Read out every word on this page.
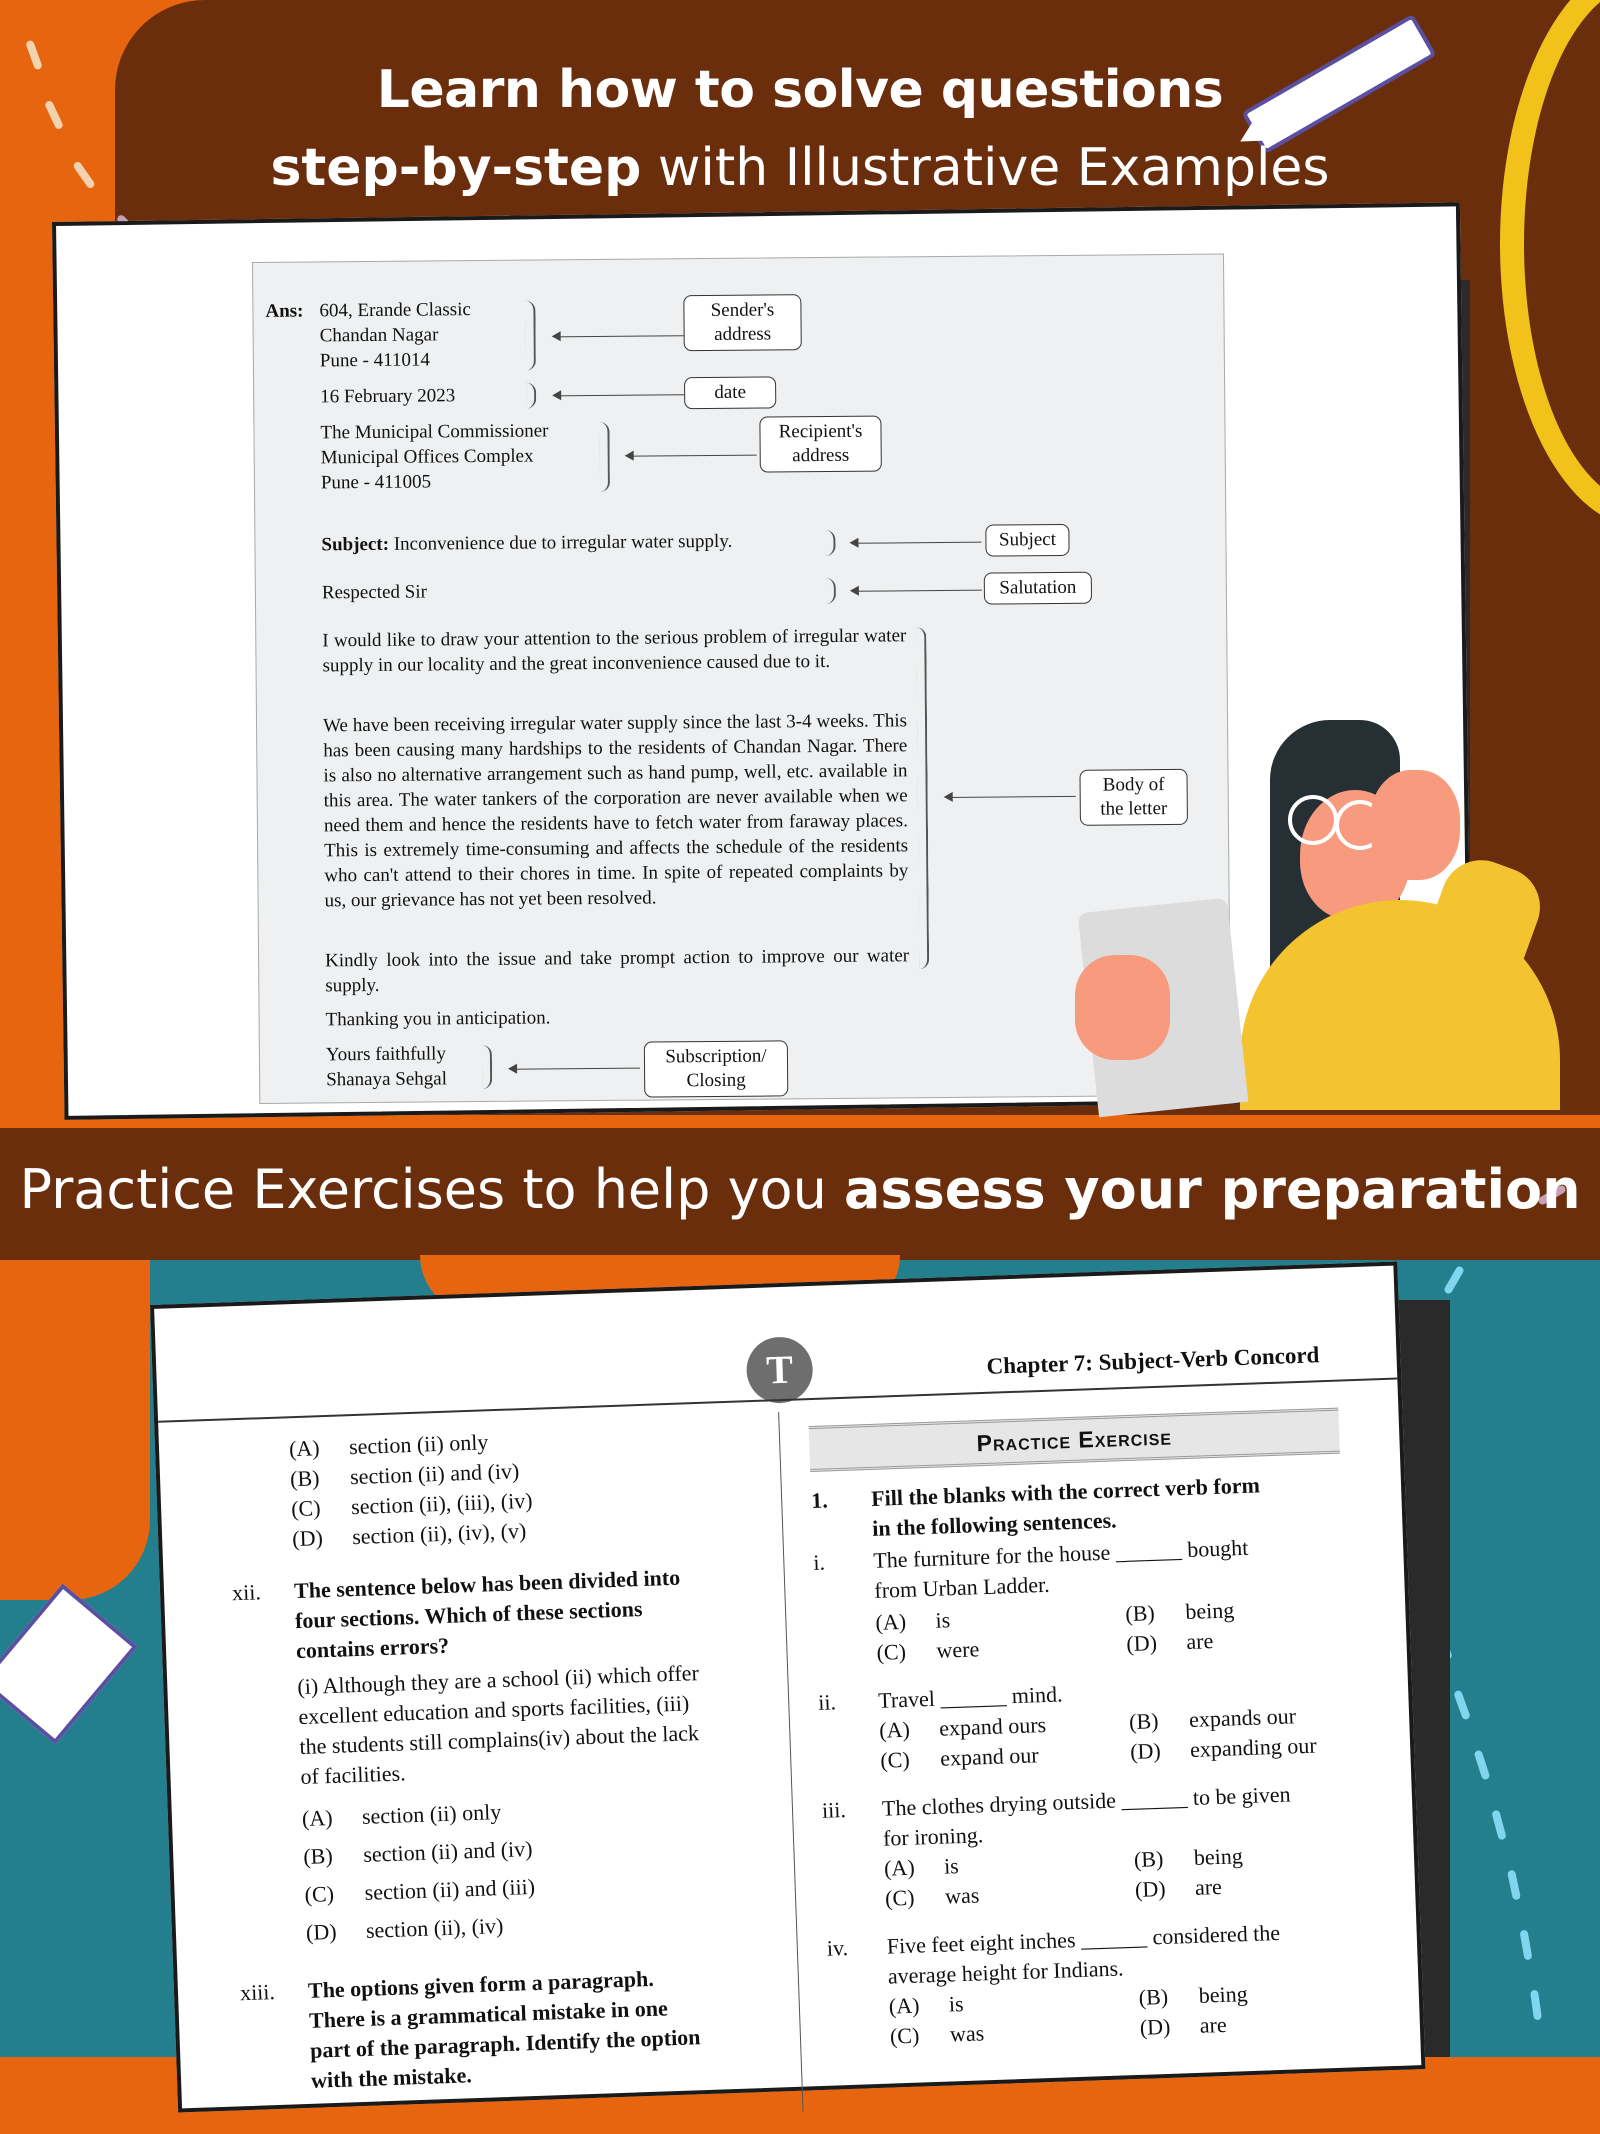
Learn how to solve questions
step-by-step with Illustrative Examples
Ans: 604, Erande Classic
Chandan Nagar
Pune - 411014
Sender's
address
16 February 2023	date
The Municipal Commissioner
Municipal Offices Complex
Pune - 411005
Recipient's
address
Subject: Inconvenience due to irregular water supply.	Subject
Respected Sir	Salutation
I would like to draw your attention to the serious problem of irregular water supply in our locality and the great inconvenience caused due to it.
We have been receiving irregular water supply since the last 3-4 weeks. This has been causing many hardships to the residents of Chandan Nagar. There is also no alternative arrangement such as hand pump, well, etc. available in this area. The water tankers of the corporation are never available when we need them and hence the residents have to fetch water from faraway places. This is extremely time-consuming and affects the schedule of the residents who can't attend to their chores in time. In spite of repeated complaints by us, our grievance has not yet been resolved.
Kindly look into the issue and take prompt action to improve our water supply.
Body of
the letter
Thanking you in anticipation.
Yours faithfully
Shanaya Sehgal
Subscription/
Closing
Practice Exercises to help you assess your preparation
T	Chapter 7: Subject-Verb Concord
Practice Exercise
(A) section (ii) only
(B) section (ii) and (iv)
(C) section (ii), (iii), (iv)
(D) section (ii), (iv), (v)
xii. The sentence below has been divided into
four sections. Which of these sections
contains errors?
(i) Although they are a school (ii) which offer
excellent education and sports facilities, (iii)
the students still complains(iv) about the lack
of facilities.
(A) section (ii) only
(B) section (ii) and (iv)
(C) section (ii) and (iii)
(D) section (ii), (iv)
xiii. The options given form a paragraph.
There is a grammatical mistake in one
part of the paragraph. Identify the option
with the mistake.
1. Fill the blanks with the correct verb form
in the following sentences.
i. The furniture for the house ______ bought
from Urban Ladder.
(A) is	(B) being
(C) were	(D) are
ii. Travel ______ mind.
(A) expand ours	(B) expands our
(C) expand our	(D) expanding our
iii. The clothes drying outside ______ to be given
for ironing.
(A) is	(B) being
(C) was	(D) are
iv. Five feet eight inches ______ considered the
average height for Indians.
(A) is	(B) being
(C) was	(D) are
